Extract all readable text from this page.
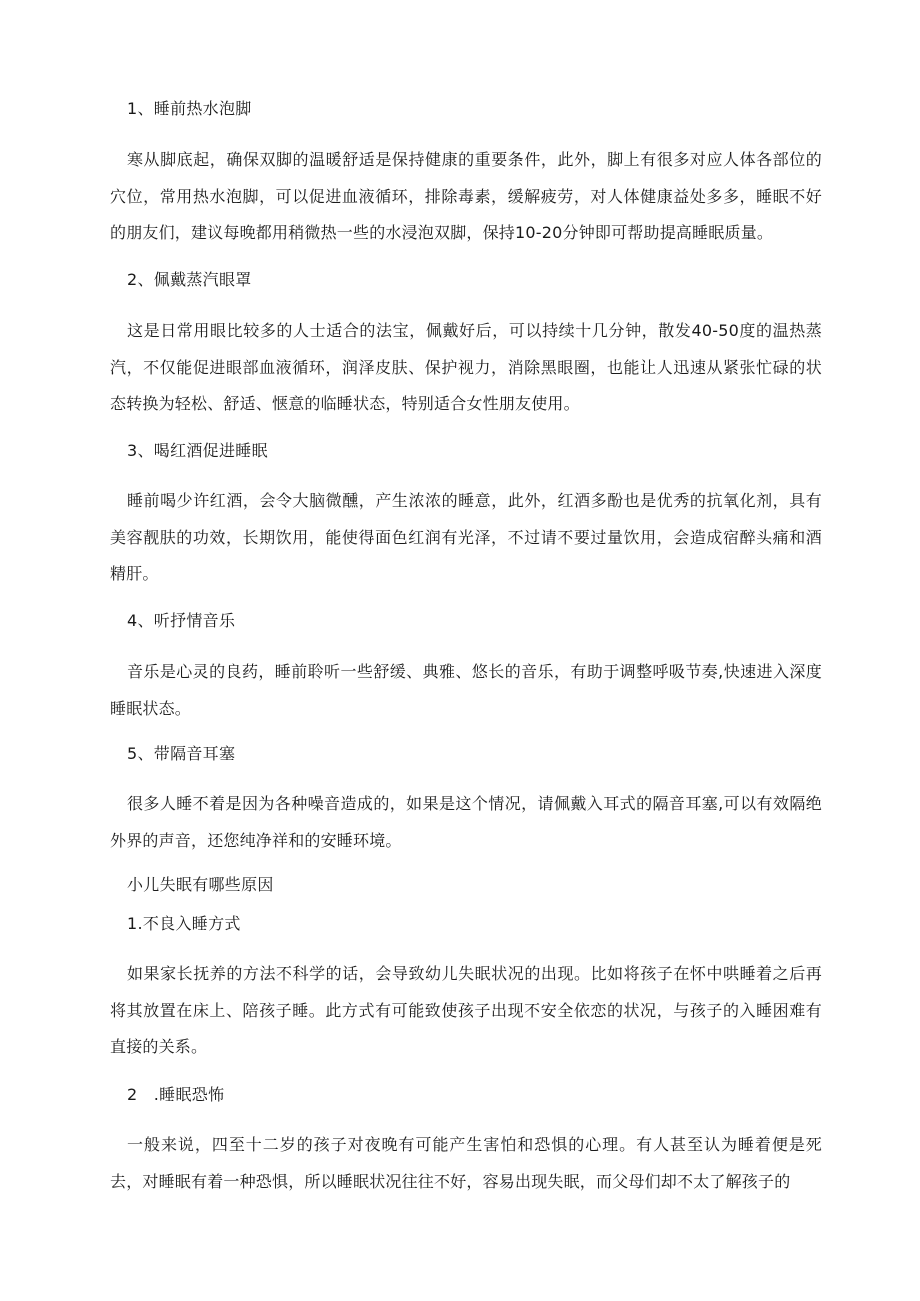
1、睡前热水泡脚
寒从脚底起，确保双脚的温暖舒适是保持健康的重要条件，此外，脚上有很多对应人体各部位的穴位，常用热水泡脚，可以促进血液循环，排除毒素，缓解疲劳，对人体健康益处多多，睡眠不好的朋友们，建议每晚都用稍微热一些的水浸泡双脚，保持10-20分钟即可帮助提高睡眠质量。
2、佩戴蒸汽眼罩
这是日常用眼比较多的人士适合的法宝，佩戴好后，可以持续十几分钟，散发40-50度的温热蒸汽，不仅能促进眼部血液循环，润泽皮肤、保护视力，消除黑眼圈，也能让人迅速从紧张忙碌的状态转换为轻松、舒适、惬意的临睡状态，特别适合女性朋友使用。
3、喝红酒促进睡眠
睡前喝少许红酒，会令大脑微醺，产生浓浓的睡意，此外，红酒多酚也是优秀的抗氧化剂，具有美容靓肤的功效，长期饮用，能使得面色红润有光泽，不过请不要过量饮用，会造成宿醉头痛和酒精肝。
4、听抒情音乐
音乐是心灵的良药，睡前聆听一些舒缓、典雅、悠长的音乐，有助于调整呼吸节奏,快速进入深度睡眠状态。
5、带隔音耳塞
很多人睡不着是因为各种噪音造成的，如果是这个情况，请佩戴入耳式的隔音耳塞,可以有效隔绝外界的声音，还您纯净祥和的安睡环境。
小儿失眠有哪些原因
1.不良入睡方式
如果家长抚养的方法不科学的话，会导致幼儿失眠状况的出现。比如将孩子在怀中哄睡着之后再将其放置在床上、陪孩子睡。此方式有可能致使孩子出现不安全依恋的状况，与孩子的入睡困难有直接的关系。
2　.睡眠恐怖
一般来说，四至十二岁的孩子对夜晚有可能产生害怕和恐惧的心理。有人甚至认为睡着便是死去，对睡眠有着一种恐惧，所以睡眠状况往往不好，容易出现失眠，而父母们却不太了解孩子的
